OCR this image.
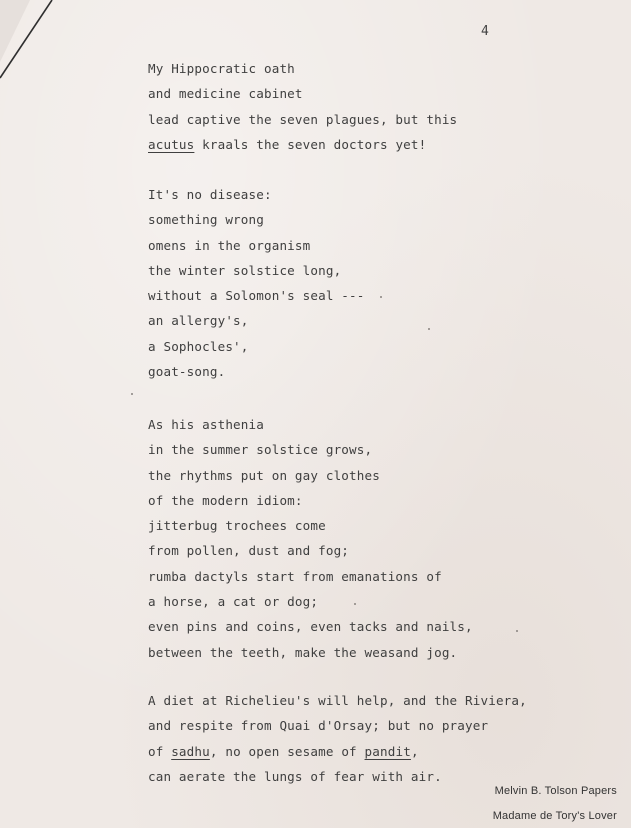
4
My Hippocratic oath
and medicine cabinet
lead captive the seven plagues, but this
acutus kraals the seven doctors yet!
It's no disease:
something wrong
omens in the organism
the winter solstice long,
without a Solomon's seal ---
an allergy's,
a Sophocles',
goat-song.
As his asthenia
in the summer solstice grows,
the rhythms put on gay clothes
of the modern idiom:
jitterbug trochees come
from pollen, dust and fog;
rumba dactyls start from emanations of
a horse, a cat or dog;
even pins and coins, even tacks and nails,
between the teeth, make the weasand jog.
A diet at Richelieu's will help, and the Riviera,
and respite from Quai d'Orsay; but no prayer
of sadhu, no open sesame of pandit,
can aerate the lungs of fear with air.
Melvin B. Tolson Papers
Madame de Tory's Lover
